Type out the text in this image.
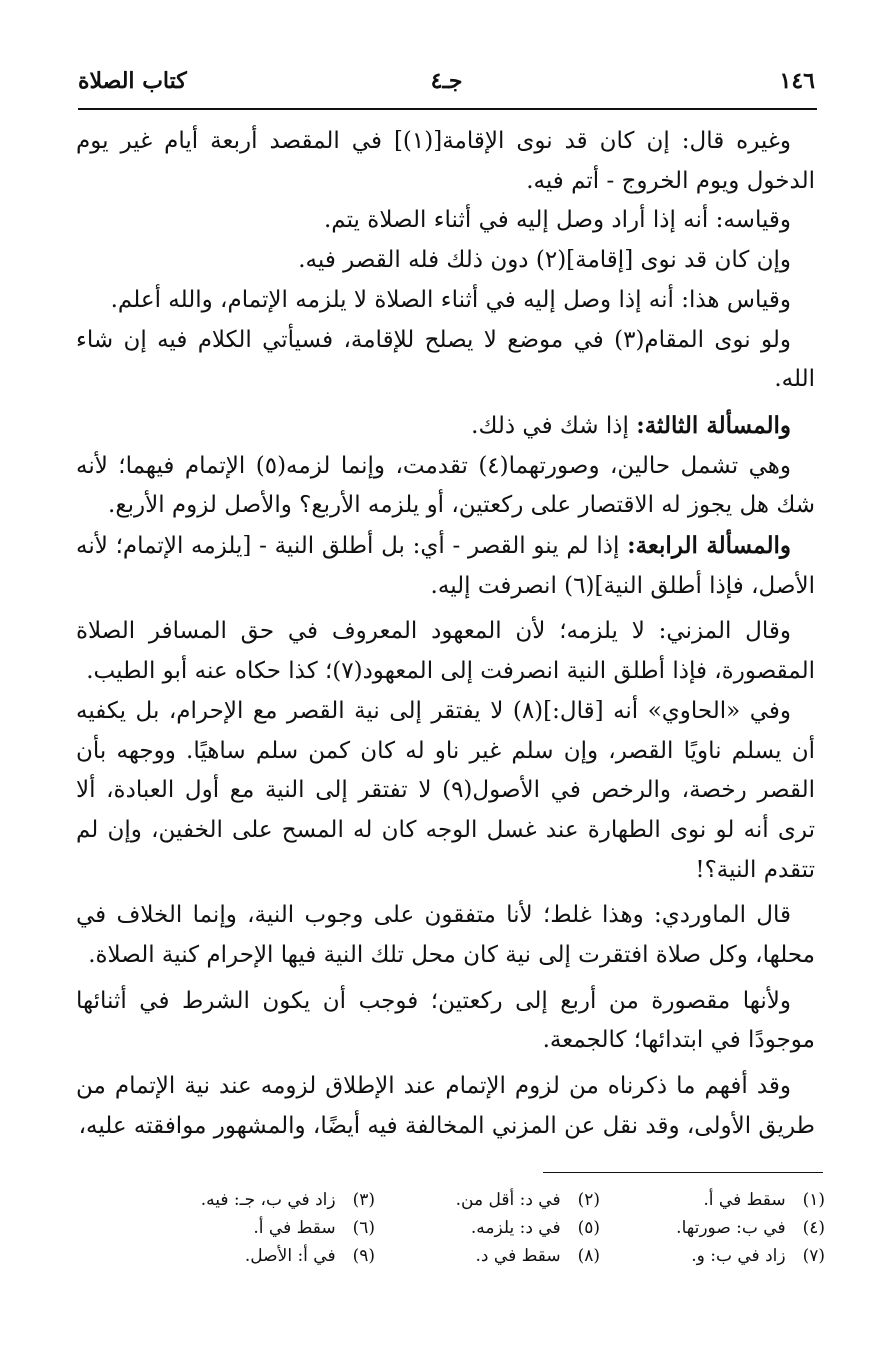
١٤٦
جـ٤
كتاب الصلاة

وغيره قال: إن كان قد نوى الإقامة[(١)] في المقصد أربعة أيام غير يوم الدخول ويوم الخروج - أتم فيه.

وقياسه: أنه إذا أراد وصل إليه في أثناء الصلاة يتم.

وإن كان قد نوى [إقامة](٢) دون ذلك فله القصر فيه.

وقياس هذا: أنه إذا وصل إليه في أثناء الصلاة لا يلزمه الإتمام، والله أعلم.

ولو نوى المقام(٣) في موضع لا يصلح للإقامة، فسيأتي الكلام فيه إن شاء الله.

والمسألة الثالثة: إذا شك في ذلك.

وهي تشمل حالين، وصورتهما(٤) تقدمت، وإنما لزمه(٥) الإتمام فيهما؛ لأنه شك هل يجوز له الاقتصار على ركعتين، أو يلزمه الأربع؟ والأصل لزوم الأربع.

والمسألة الرابعة: إذا لم ينو القصر - أي: بل أطلق النية - [يلزمه الإتمام؛ لأنه الأصل، فإذا أطلق النية](٦) انصرفت إليه.

وقال المزني: لا يلزمه؛ لأن المعهود المعروف في حق المسافر الصلاة المقصورة، فإذا أطلق النية انصرفت إلى المعهود(٧)؛ كذا حكاه عنه أبو الطيب.

وفي «الحاوي» أنه [قال:](٨) لا يفتقر إلى نية القصر مع الإحرام، بل يكفيه أن يسلم ناويًا القصر، وإن سلم غير ناو له كان كمن سلم ساهيًا. ووجهه بأن القصر رخصة، والرخص في الأصول(٩) لا تفتقر إلى النية مع أول العبادة، ألا ترى أنه لو نوى الطهارة عند غسل الوجه كان له المسح على الخفين، وإن لم تتقدم النية؟!

قال الماوردي: وهذا غلط؛ لأنا متفقون على وجوب النية، وإنما الخلاف في محلها، وكل صلاة افتقرت إلى نية كان محل تلك النية فيها الإحرام كنية الصلاة.

ولأنها مقصورة من أربع إلى ركعتين؛ فوجب أن يكون الشرط في أثنائها موجودًا في ابتدائها؛ كالجمعة.

وقد أفهم ما ذكرناه من لزوم الإتمام عند الإطلاق لزومه عند نية الإتمام من طريق الأولى، وقد نقل عن المزني المخالفة فيه أيضًا، والمشهور موافقته عليه،

(١) سقط في أ.
(٢) في د: أقل من.
(٣) زاد في ب، جـ: فيه.
(٤) في ب: صورتها.
(٥) في د: يلزمه.
(٦) سقط في أ.
(٧) زاد في ب: و.
(٨) سقط في د.
(٩) في أ: الأصل.
